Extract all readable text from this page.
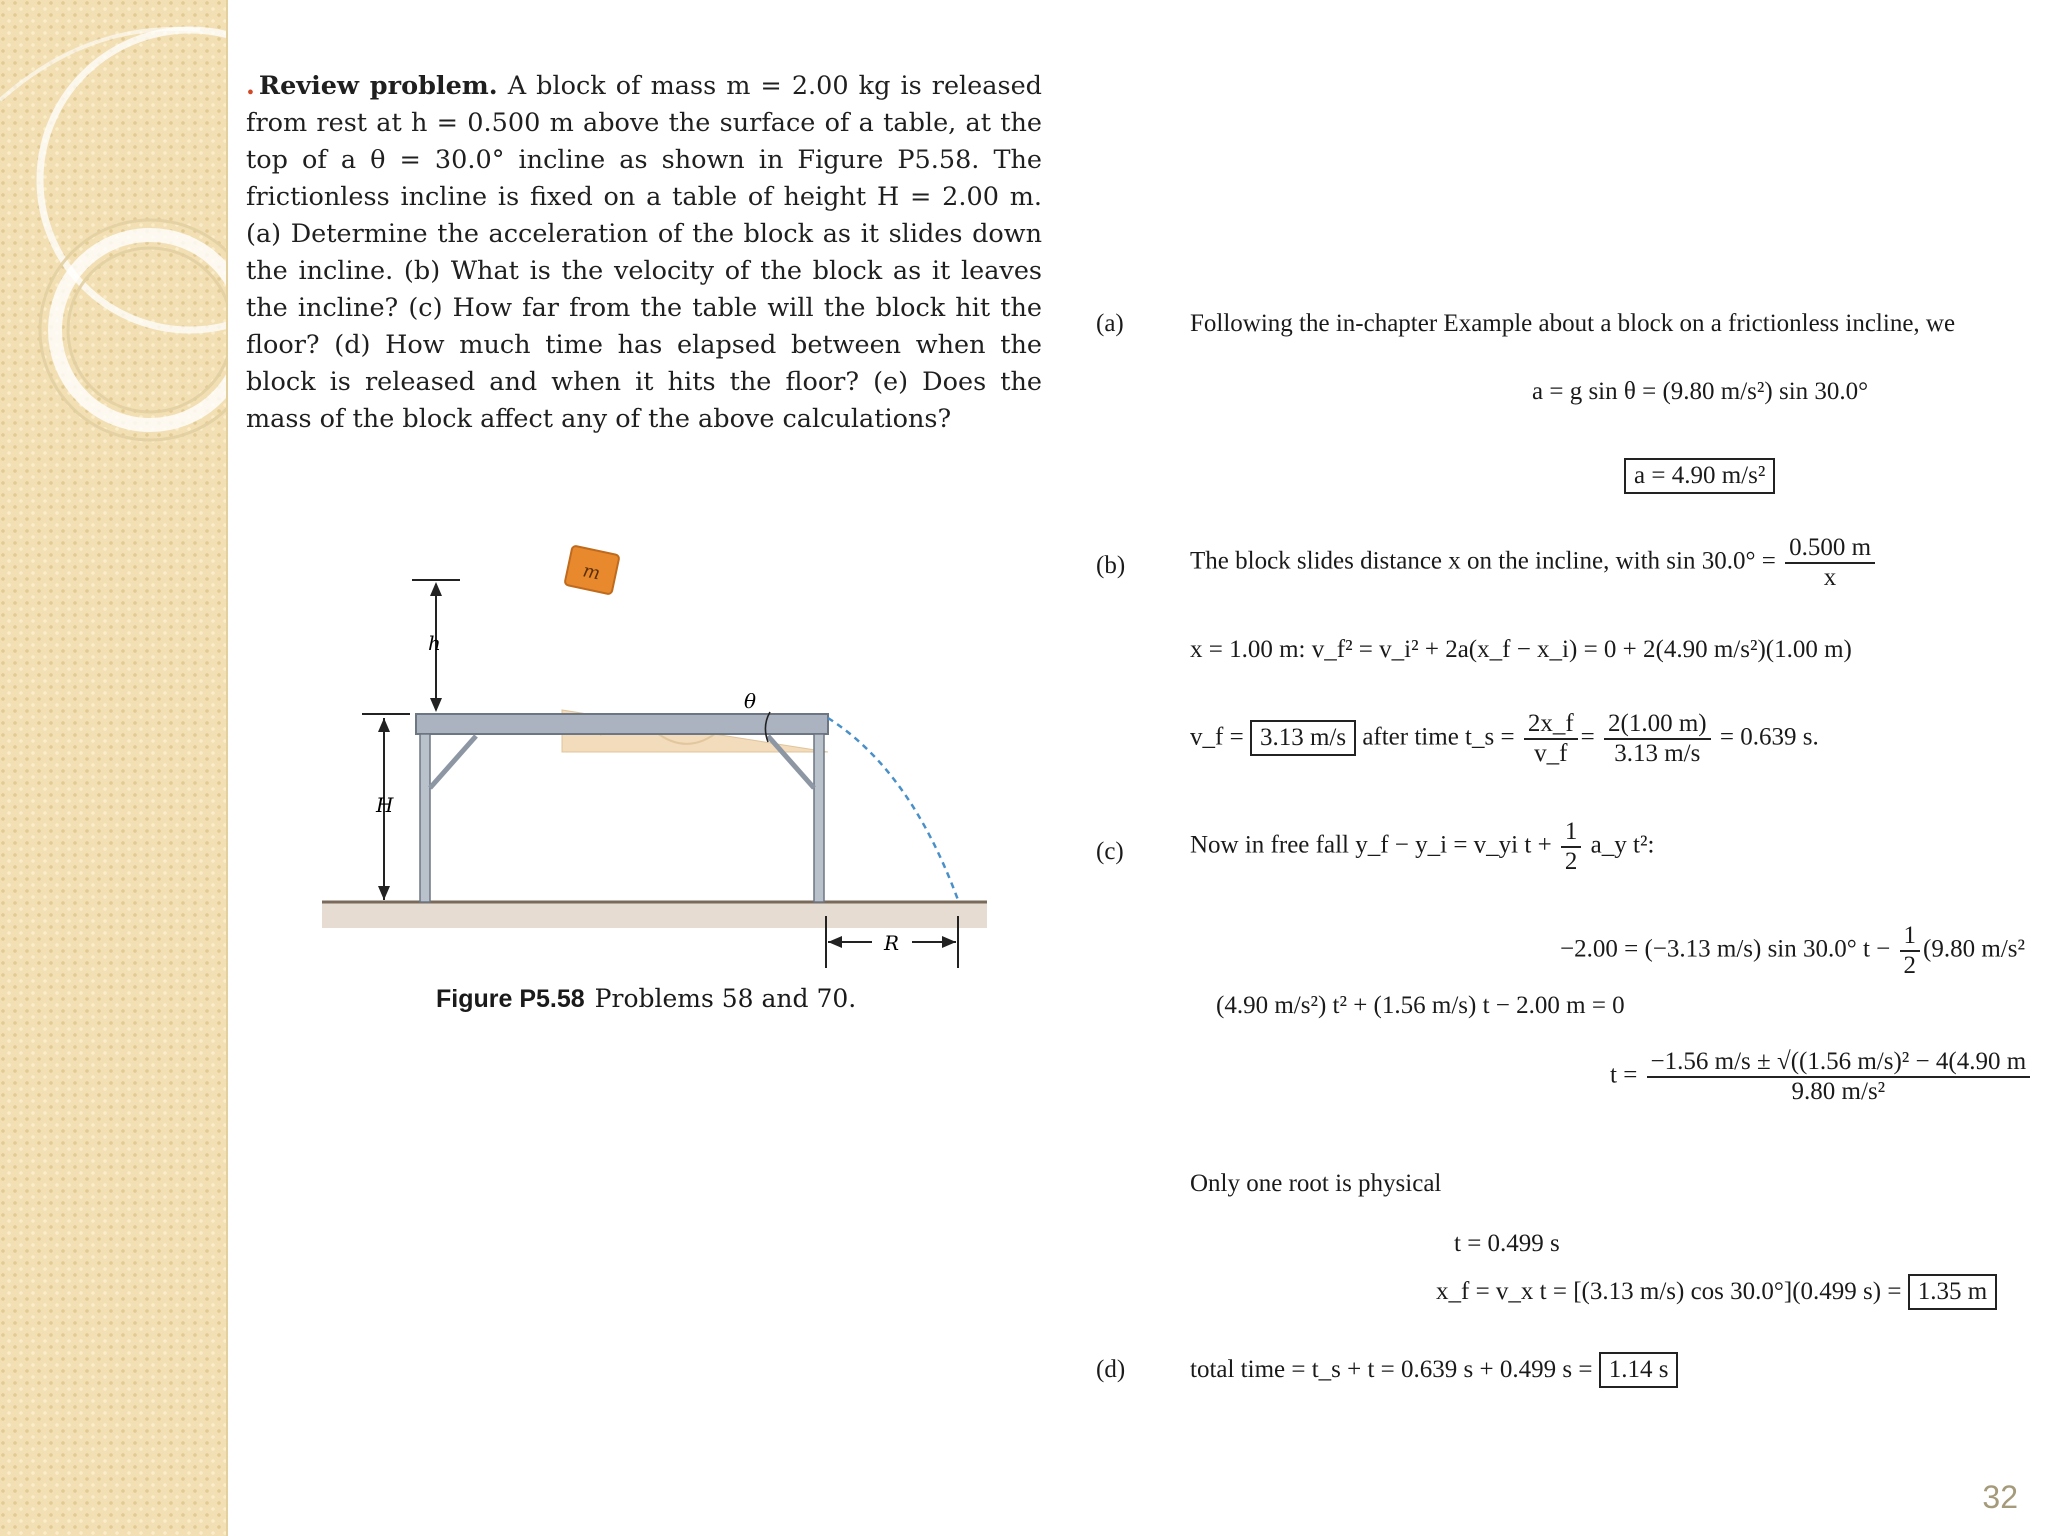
. Review problem. A block of mass m = 2.00 kg is released from rest at h = 0.500 m above the surface of a table, at the top of a θ = 30.0° incline as shown in Figure P5.58. The frictionless incline is fixed on a table of height H = 2.00 m. (a) Determine the acceleration of the block as it slides down the incline. (b) What is the velocity of the block as it leaves the incline? (c) How far from the table will the block hit the floor? (d) How much time has elapsed between when the block is released and when it hits the floor? (e) Does the mass of the block affect any of the above calculations?
m
h
H
θ
R
Figure P5.58 Problems 58 and 70.
(a)	Following the in-chapter Example about a block on a frictionless incline, we
a = g sin θ = (9.80 m/s²) sin 30.0°
a = 4.90 m/s²
(b)	The block slides distance x on the incline, with $\sin 30.0^\circ = \frac{0.500 m}{x}$
x = 1.00 m: v_f² = v_i² + 2a(x_f − x_i) = 0 + 2(4.90 m/s²)(1.00 m)
v_f = 3.13 m/s after time t_s = $\frac{2x\_f}{v\_f} = \frac{2(1.00 m)}{3.13 m/s} = 0.639$ s.
(c)	Now in free fall y_f − y_i = v_yi $t + \frac{1}{2}$ a_y t²:
−2.00 = (−3.13 m/s) sin 30.0° $t - \frac{1}{2} (9.80$ m/s²
(4.90 m/s²) t² + (1.56 m/s) t − 2.00 m = 0
$t = \frac{\text{−1.56 m/s ± √((1.56 m/s)² − 4(4.90 m}}{\text{9.80 m/s²}}$
Only one root is physical
t = 0.499 s
x_f = v_x t = [(3.13 m/s) cos 30.0°](0.499 s) = 1.35 m
(d)	total time = t_s + t = 0.639 s + 0.499 s = 1.14 s
32
